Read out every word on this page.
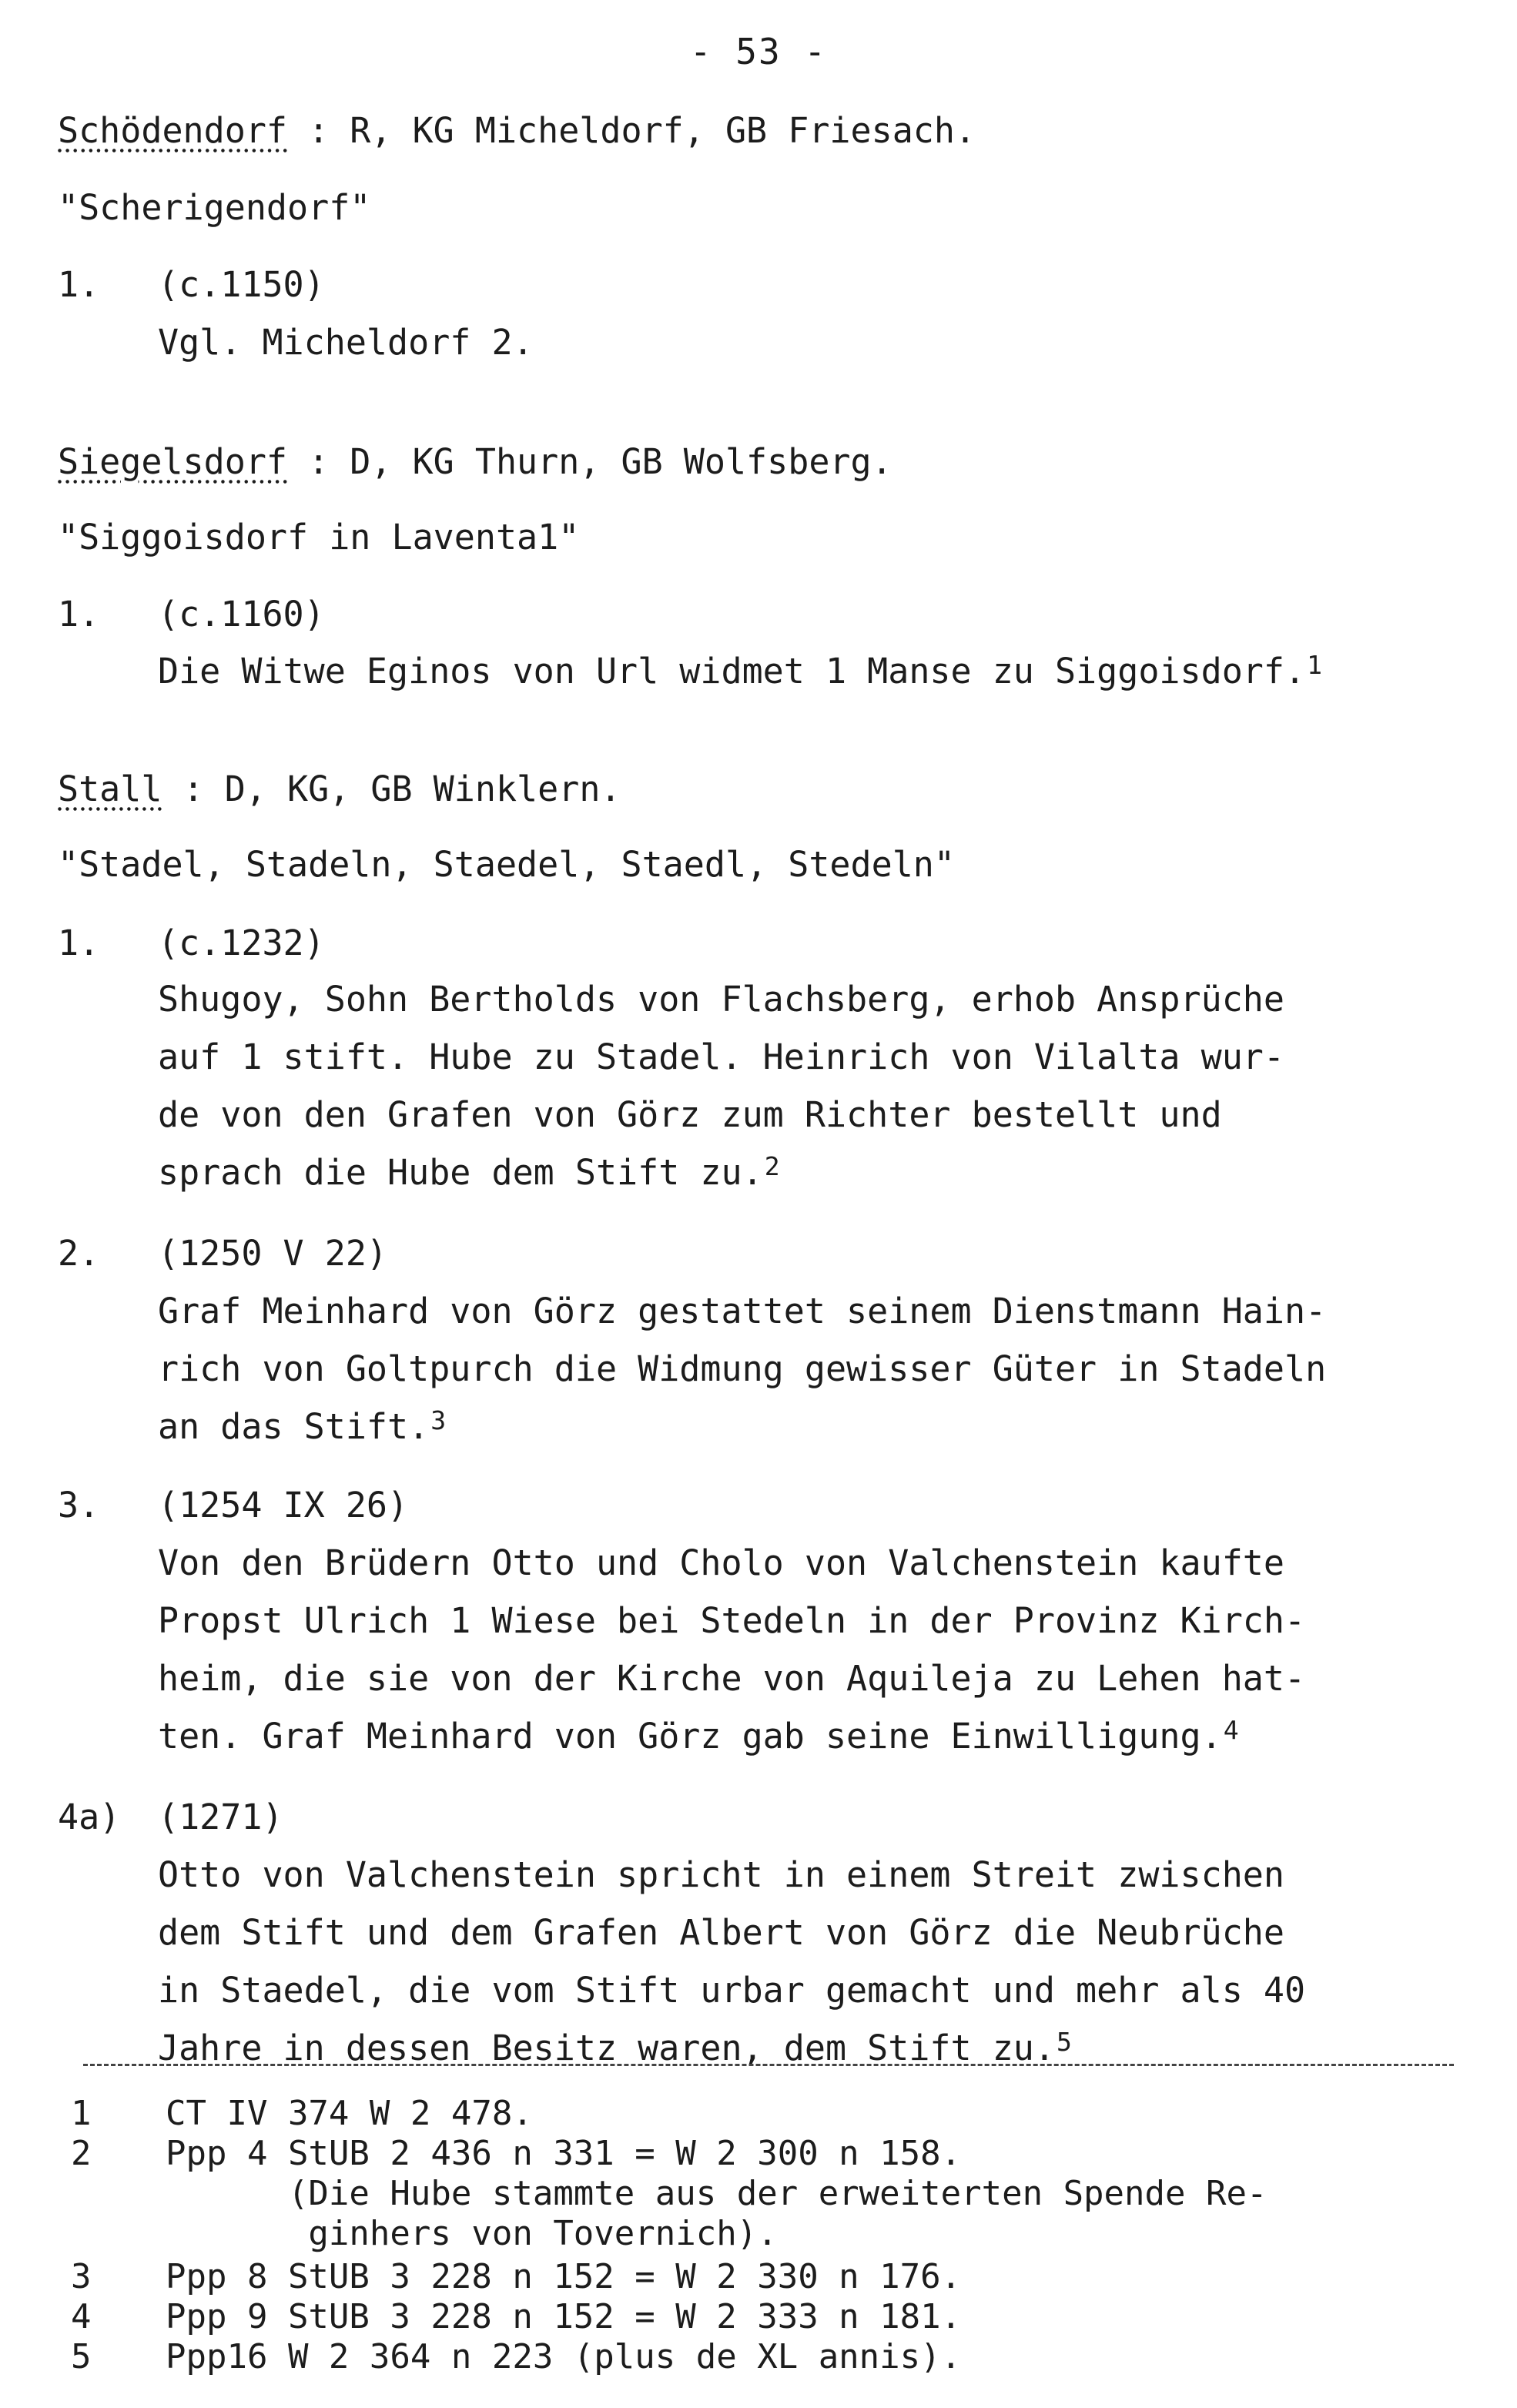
- 53 -
Schödendorf : R, KG Micheldorf, GB Friesach.
"Scherigendorf"
1. (c.1150)
Vgl. Micheldorf 2.
Siegelsdorf : D, KG Thurn, GB Wolfsberg.
"Siggoisdorf in Laventa1"
1. (c.1160)
Die Witwe Eginos von Url widmet 1 Manse zu Siggoisdorf.$^1$
Stall : D, KG, GB Winklern.
"Stadel, Stadeln, Staedel, Staedl, Stedeln"
1. (c.1232)
Shugoy, Sohn Bertholds von Flachsberg, erhob Ansprüche
auf 1 stift. Hube zu Stadel. Heinrich von Vilalta wur-
de von den Grafen von Görz zum Richter bestellt und
sprach die Hube dem Stift zu.$^2$
2. (1250 V 22)
Graf Meinhard von Görz gestattet seinem Dienstmann Hain-
rich von Goltpurch die Widmung gewisser Güter in Stadeln
an das Stift.$^3$
3. (1254 IX 26)
Von den Brüdern Otto und Cholo von Valchenstein kaufte
Propst Ulrich 1 Wiese bei Stedeln in der Provinz Kirch-
heim, die sie von der Kirche von Aquileja zu Lehen hat-
ten. Graf Meinhard von Görz gab seine Einwilligung.$^4$
4a) (1271)
Otto von Valchenstein spricht in einem Streit zwischen
dem Stift und dem Grafen Albert von Görz die Neubrüche
in Staedel, die vom Stift urbar gemacht und mehr als 40
Jahre in dessen Besitz waren, dem Stift zu.$^5$
1 CT IV 374 W 2 478.
2 Ppp 4 StUB 2 436 n 331 = W 2 300 n 158.
(Die Hube stammte aus der erweiterten Spende Re-
ginhers von Tovernich).
3 Ppp 8 StUB 3 228 n 152 = W 2 330 n 176.
4 Ppp 9 StUB 3 228 n 152 = W 2 333 n 181.
5 Ppp16 W 2 364 n 223 (plus de XL annis).
